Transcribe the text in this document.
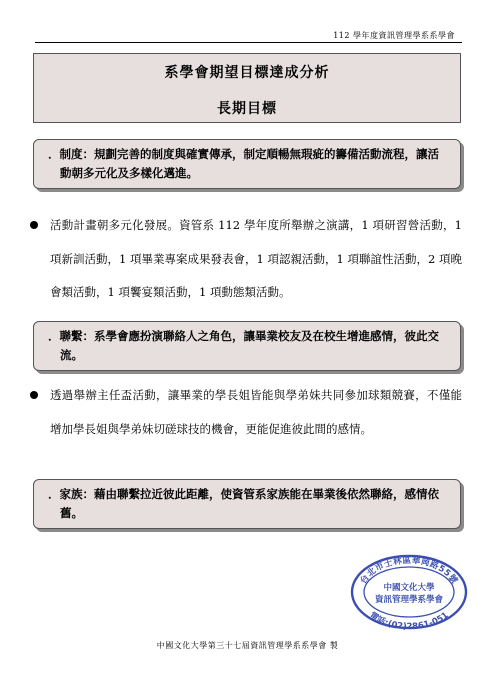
112 學年度資訊管理學系系學會
系學會期望目標達成分析
長期目標
．制度：規劃完善的制度與確實傳承，制定順暢無瑕疵的籌備活動流程，讓活動朝多元化及多樣化邁進。
活動計畫朝多元化發展。資管系 112 學年度所舉辦之演講，1 項研習營活動，1 項新訓活動，1 項畢業專案成果發表會，1 項認親活動，1 項聯誼性活動，2 項晚會類活動，1 項饗宴類活動，1 項動態類活動。
．聯繫：系學會應扮演聯絡人之角色，讓畢業校友及在校生增進感情，彼此交流。
透過舉辦主任盃活動，讓畢業的學長姐皆能與學弟妹共同參加球類競賽，不僅能增加學長姐與學弟妹切磋球技的機會，更能促進彼此間的感情。
．家族：藉由聯繫拉近彼此距離，使資管系家族能在畢業後依然聯絡，感情依舊。
台北市士林區華岡路55號
中國文化大學
資訊管理學系學會
電話:(02)2861-051
中國文化大學第三十七屆資訊管理學系系學會 製
